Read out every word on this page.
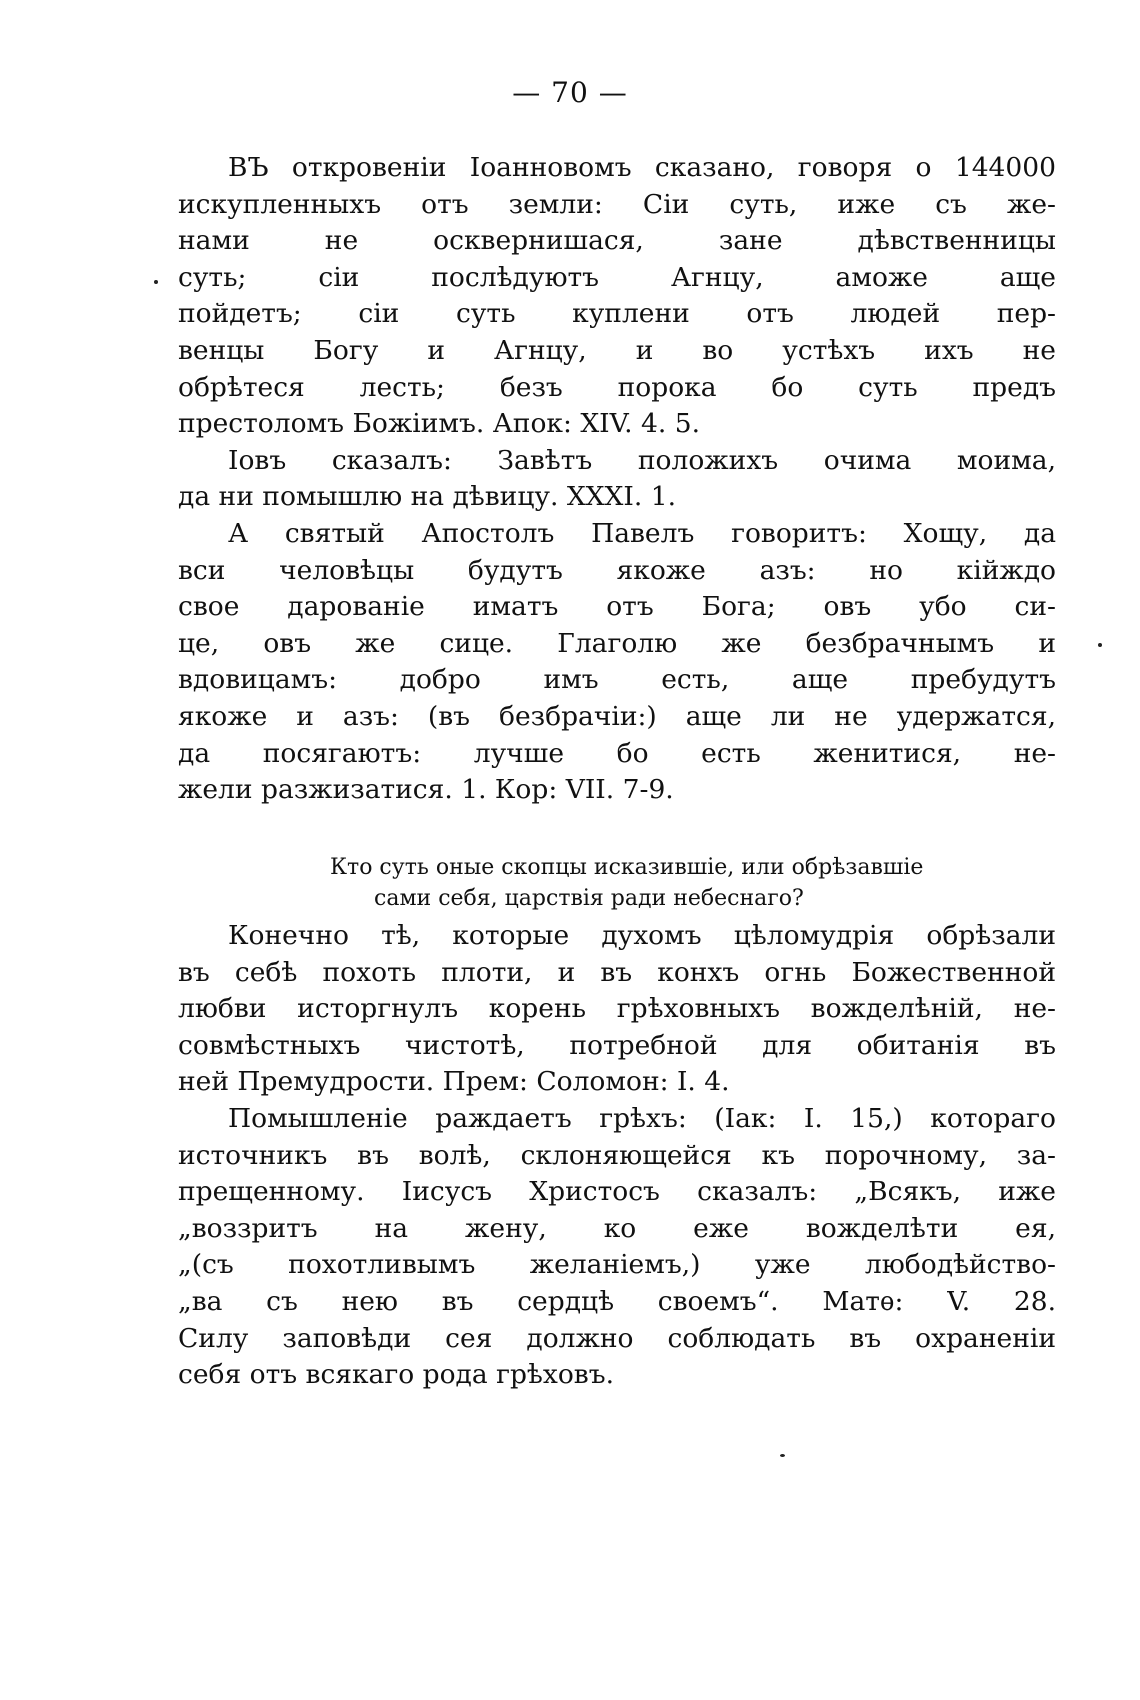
— 70 —
ВЪ откровеніи Іоанновомъ сказано, говоря о 144000
искупленныхъ отъ земли: Сіи суть, иже съ же-
нами не осквернишася, зане дѣвственницы
суть; сіи послѣдуютъ Агнцу, аможе аще
пойдетъ; сіи суть куплени отъ людей пер-
венцы Богу и Агнцу, и во устѣхъ ихъ не
обрѣтеся лесть; безъ порока бо суть предъ
престоломъ Божіимъ. Апок: XIV. 4. 5.
Іовъ сказалъ: Завѣтъ положихъ очима моима,
да ни помышлю на дѣвицу. XXXI. 1.
А святый Апостолъ Павелъ говоритъ: Хощу, да
вси человѣцы будутъ якоже азъ: но кійждо
свое дарованіе иматъ отъ Бога; овъ убо си-
це, овъ же сице. Глаголю же безбрачнымъ и
вдовицамъ: добро имъ есть, аще пребудутъ
якоже и азъ: (въ безбрачіи:) аще ли не удержатся,
да посягаютъ: лучше бо есть женитися, не-
жели разжизатися. 1. Кор: VII. 7-9.
Кто суть оные скопцы исказившіе, или обрѣзавшіе
сами себя, царствія ради небеснаго?
Конечно тѣ, которые духомъ цѣломудрія обрѣзали
въ себѣ похоть плоти, и въ конхъ огнь Божественной
любви исторгнулъ корень грѣховныхъ вожделѣній, не-
совмѣстныхъ чистотѣ, потребной для обитанія въ
ней Премудрости. Прем: Соломон: I. 4.
Помышленіе раждаетъ грѣхъ: (Іак: I. 15,) котораго
источникъ въ волѣ, склоняющейся къ порочному, за-
прещенному. Іисусъ Христосъ сказалъ: „Всякъ, иже
„воззритъ на жену, ко еже вожделѣти ея,
„(съ похотливымъ желаніемъ,) уже любодѣйство-
„ва съ нею въ сердцѣ своемъ“. Матѳ: V. 28.
Силу заповѣди сея должно соблюдать въ охраненіи
себя отъ всякаго рода грѣховъ.
